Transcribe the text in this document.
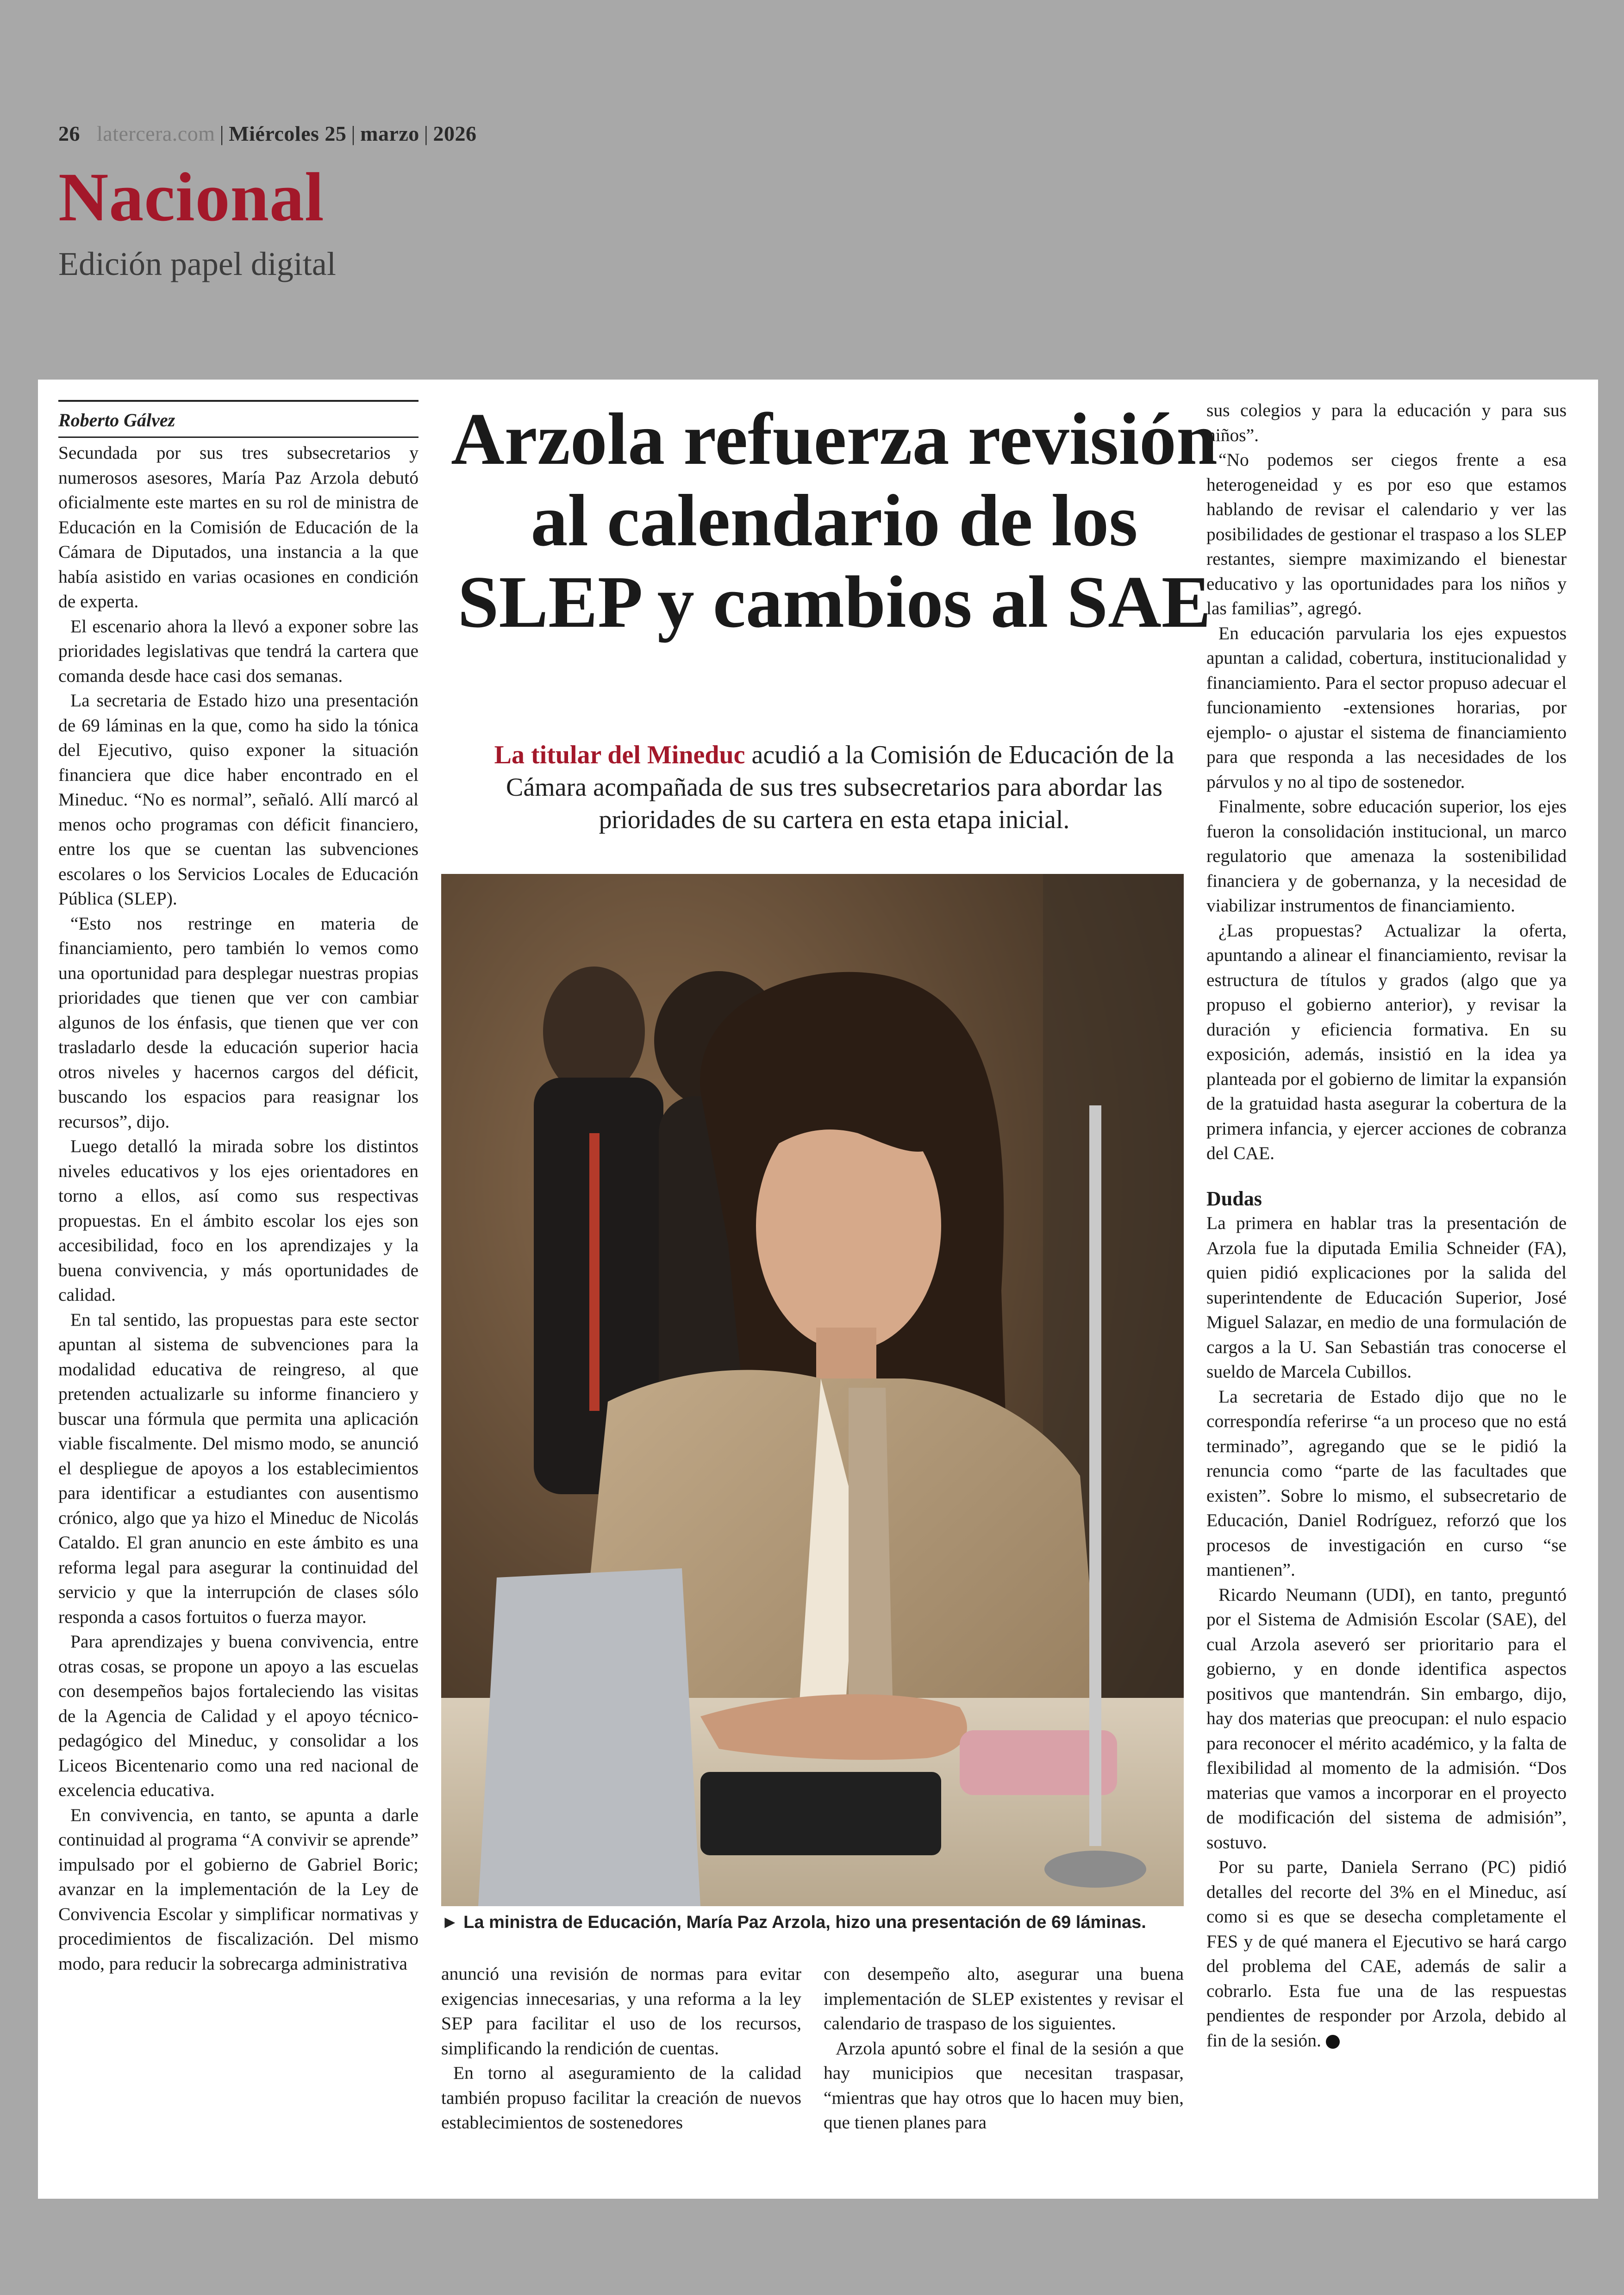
26 latercera.com | Miércoles 25 | marzo | 2026
Nacional
Edición papel digital
Roberto Gálvez

Secundada por sus tres subsecretarios y numerosos asesores, María Paz Arzola debutó oficialmente este martes en su rol de ministra de Educación en la Comisión de Educación de la Cámara de Diputados, una instancia a la que había asistido en varias ocasiones en condición de experta.

El escenario ahora la llevó a exponer sobre las prioridades legislativas que tendrá la cartera que comanda desde hace casi dos semanas.

La secretaria de Estado hizo una presentación de 69 láminas en la que, como ha sido la tónica del Ejecutivo, quiso exponer la situación financiera que dice haber encontrado en el Mineduc. “No es normal”, señaló. Allí marcó al menos ocho programas con déficit financiero, entre los que se cuentan las subvenciones escolares o los Servicios Locales de Educación Pública (SLEP).

“Esto nos restringe en materia de financiamiento, pero también lo vemos como una oportunidad para desplegar nuestras propias prioridades que tienen que ver con cambiar algunos de los énfasis, que tienen que ver con trasladarlo desde la educación superior hacia otros niveles y hacernos cargos del déficit, buscando los espacios para reasignar los recursos”, dijo.

Luego detalló la mirada sobre los distintos niveles educativos y los ejes orientadores en torno a ellos, así como sus respectivas propuestas. En el ámbito escolar los ejes son accesibilidad, foco en los aprendizajes y la buena convivencia, y más oportunidades de calidad.

En tal sentido, las propuestas para este sector apuntan al sistema de subvenciones para la modalidad educativa de reingreso, al que pretenden actualizarle su informe financiero y buscar una fórmula que permita una aplicación viable fiscalmente. Del mismo modo, se anunció el despliegue de apoyos a los establecimientos para identificar a estudiantes con ausentismo crónico, algo que ya hizo el Mineduc de Nicolás Cataldo. El gran anuncio en este ámbito es una reforma legal para asegurar la continuidad del servicio y que la interrupción de clases sólo responda a casos fortuitos o fuerza mayor.

Para aprendizajes y buena convivencia, entre otras cosas, se propone un apoyo a las escuelas con desempeños bajos fortaleciendo las visitas de la Agencia de Calidad y el apoyo técnico-pedagógico del Mineduc, y consolidar a los Liceos Bicentenario como una red nacional de excelencia educativa.

En convivencia, en tanto, se apunta a darle continuidad al programa “A convivir se aprende” impulsado por el gobierno de Gabriel Boric; avanzar en la implementación de la Ley de Convivencia Escolar y simplificar normativas y procedimientos de fiscalización. Del mismo modo, para reducir la sobrecarga administrativa

Arzola refuerza revisión al calendario de los SLEP y cambios al SAE

La titular del Mineduc acudió a la Comisión de Educación de la Cámara acompañada de sus tres subsecretarios para abordar las prioridades de su cartera en esta etapa inicial.

► La ministra de Educación, María Paz Arzola, hizo una presentación de 69 láminas.

anunció una revisión de normas para evitar exigencias innecesarias, y una reforma a la ley SEP para facilitar el uso de los recursos, simplificando la rendición de cuentas.

En torno al aseguramiento de la calidad también propuso facilitar la creación de nuevos establecimientos de sostenedores

con desempeño alto, asegurar una buena implementación de SLEP existentes y revisar el calendario de traspaso de los siguientes.

Arzola apuntó sobre el final de la sesión a que hay municipios que necesitan traspasar, “mientras que hay otros que lo hacen muy bien, que tienen planes para

sus colegios y para la educación y para sus niños”.

“No podemos ser ciegos frente a esa heterogeneidad y es por eso que estamos hablando de revisar el calendario y ver las posibilidades de gestionar el traspaso a los SLEP restantes, siempre maximizando el bienestar educativo y las oportunidades para los niños y las familias”, agregó.

En educación parvularia los ejes expuestos apuntan a calidad, cobertura, institucionalidad y financiamiento. Para el sector propuso adecuar el funcionamiento -extensiones horarias, por ejemplo- o ajustar el sistema de financiamiento para que responda a las necesidades de los párvulos y no al tipo de sostenedor.

Finalmente, sobre educación superior, los ejes fueron la consolidación institucional, un marco regulatorio que amenaza la sostenibilidad financiera y de gobernanza, y la necesidad de viabilizar instrumentos de financiamiento.

¿Las propuestas? Actualizar la oferta, apuntando a alinear el financiamiento, revisar la estructura de títulos y grados (algo que ya propuso el gobierno anterior), y revisar la duración y eficiencia formativa. En su exposición, además, insistió en la idea ya planteada por el gobierno de limitar la expansión de la gratuidad hasta asegurar la cobertura de la primera infancia, y ejercer acciones de cobranza del CAE.

Dudas

La primera en hablar tras la presentación de Arzola fue la diputada Emilia Schneider (FA), quien pidió explicaciones por la salida del superintendente de Educación Superior, José Miguel Salazar, en medio de una formulación de cargos a la U. San Sebastián tras conocerse el sueldo de Marcela Cubillos.

La secretaria de Estado dijo que no le correspondía referirse “a un proceso que no está terminado”, agregando que se le pidió la renuncia como “parte de las facultades que existen”. Sobre lo mismo, el subsecretario de Educación, Daniel Rodríguez, reforzó que los procesos de investigación en curso “se mantienen”.

Ricardo Neumann (UDI), en tanto, preguntó por el Sistema de Admisión Escolar (SAE), del cual Arzola aseveró ser prioritario para el gobierno, y en donde identifica aspectos positivos que mantendrán. Sin embargo, dijo, hay dos materias que preocupan: el nulo espacio para reconocer el mérito académico, y la falta de flexibilidad al momento de la admisión. “Dos materias que vamos a incorporar en el proyecto de modificación del sistema de admisión”, sostuvo.

Por su parte, Daniela Serrano (PC) pidió detalles del recorte del 3% en el Mineduc, así como si es que se desecha completamente el FES y de qué manera el Ejecutivo se hará cargo del problema del CAE, además de salir a cobrarlo. Esta fue una de las respuestas pendientes de responder por Arzola, debido al fin de la sesión.
